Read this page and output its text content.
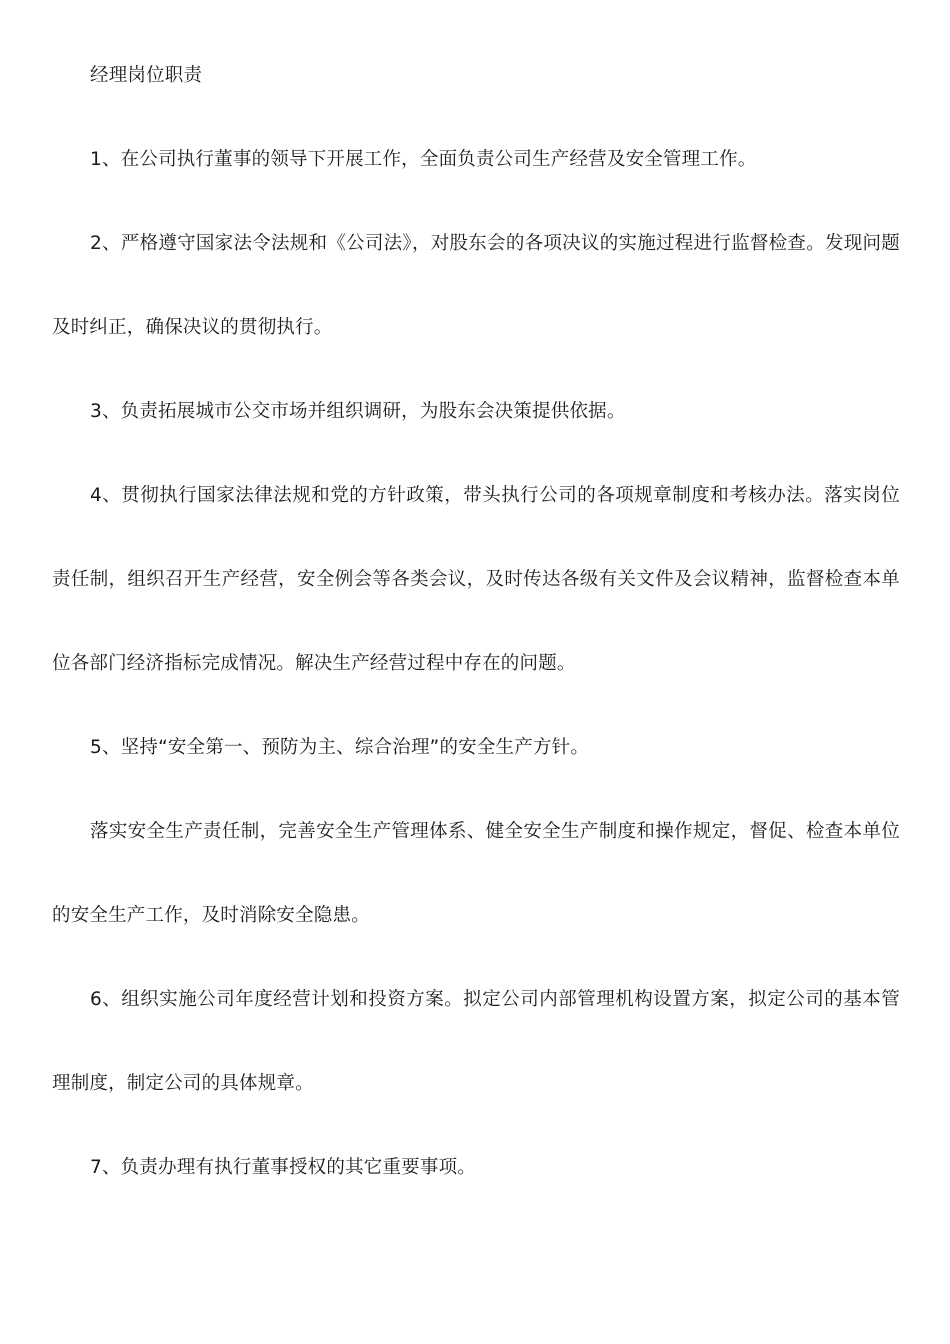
经理岗位职责

1、在公司执行董事的领导下开展工作，全面负责公司生产经营及安全管理工作。

2、严格遵守国家法令法规和《公司法》，对股东会的各项决议的实施过程进行监督检查。发现问题及时纠正，确保决议的贯彻执行。

3、负责拓展城市公交市场并组织调研，为股东会决策提供依据。

4、贯彻执行国家法律法规和党的方针政策，带头执行公司的各项规章制度和考核办法。落实岗位责任制，组织召开生产经营，安全例会等各类会议，及时传达各级有关文件及会议精神，监督检查本单位各部门经济指标完成情况。解决生产经营过程中存在的问题。

5、坚持“安全第一、预防为主、综合治理”的安全生产方针。

落实安全生产责任制，完善安全生产管理体系、健全安全生产制度和操作规定，督促、检查本单位的安全生产工作，及时消除安全隐患。

6、组织实施公司年度经营计划和投资方案。拟定公司内部管理机构设置方案，拟定公司的基本管理制度，制定公司的具体规章。

7、负责办理有执行董事授权的其它重要事项。
